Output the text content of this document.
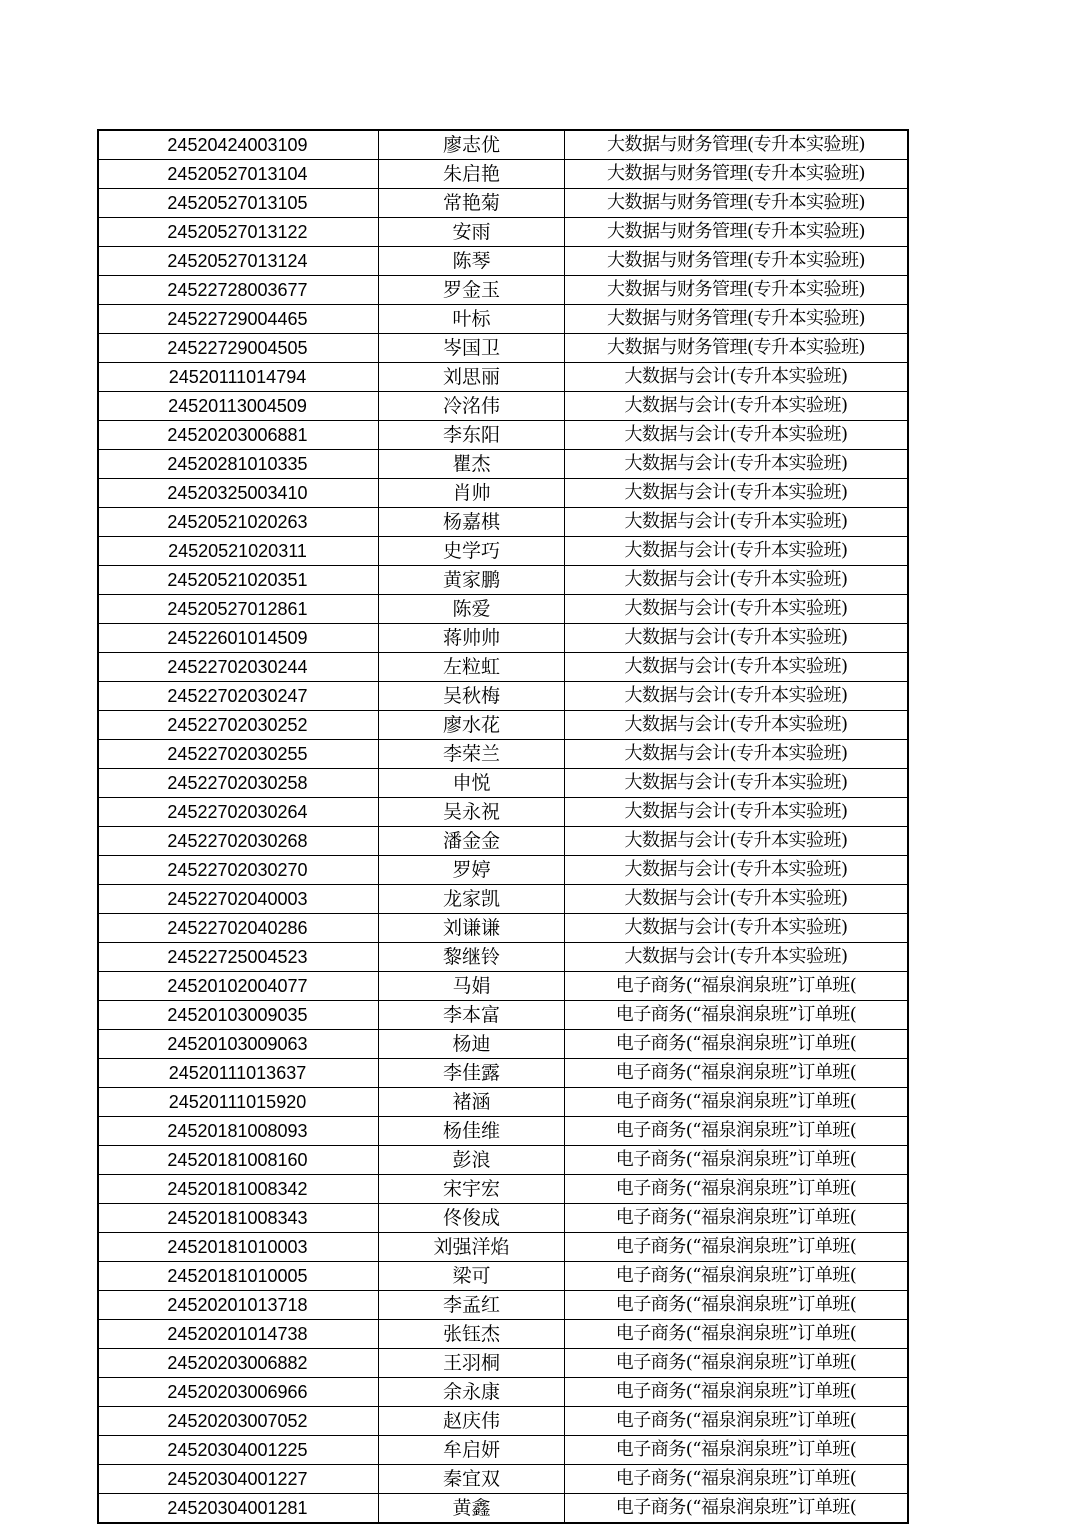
24520424003109	廖志优	大数据与财务管理(专升本实验班)
24520527013104	朱启艳	大数据与财务管理(专升本实验班)
24520527013105	常艳菊	大数据与财务管理(专升本实验班)
24520527013122	安雨	大数据与财务管理(专升本实验班)
24520527013124	陈琴	大数据与财务管理(专升本实验班)
24522728003677	罗金玉	大数据与财务管理(专升本实验班)
24522729004465	叶标	大数据与财务管理(专升本实验班)
24522729004505	岑国卫	大数据与财务管理(专升本实验班)
24520111014794	刘思丽	大数据与会计(专升本实验班)
24520113004509	冷洺伟	大数据与会计(专升本实验班)
24520203006881	李东阳	大数据与会计(专升本实验班)
24520281010335	瞿杰	大数据与会计(专升本实验班)
24520325003410	肖帅	大数据与会计(专升本实验班)
24520521020263	杨嘉棋	大数据与会计(专升本实验班)
24520521020311	史学巧	大数据与会计(专升本实验班)
24520521020351	黄家鹏	大数据与会计(专升本实验班)
24520527012861	陈爱	大数据与会计(专升本实验班)
24522601014509	蒋帅帅	大数据与会计(专升本实验班)
24522702030244	左粒虹	大数据与会计(专升本实验班)
24522702030247	吴秋梅	大数据与会计(专升本实验班)
24522702030252	廖水花	大数据与会计(专升本实验班)
24522702030255	李荣兰	大数据与会计(专升本实验班)
24522702030258	申悦	大数据与会计(专升本实验班)
24522702030264	吴永祝	大数据与会计(专升本实验班)
24522702030268	潘金金	大数据与会计(专升本实验班)
24522702030270	罗婷	大数据与会计(专升本实验班)
24522702040003	龙家凯	大数据与会计(专升本实验班)
24522702040286	刘谦谦	大数据与会计(专升本实验班)
24522725004523	黎继铃	大数据与会计(专升本实验班)
24520102004077	马娟	电子商务(“福泉润泉班”订单班(
24520103009035	李本富	电子商务(“福泉润泉班”订单班(
24520103009063	杨迪	电子商务(“福泉润泉班”订单班(
24520111013637	李佳露	电子商务(“福泉润泉班”订单班(
24520111015920	褚涵	电子商务(“福泉润泉班”订单班(
24520181008093	杨佳维	电子商务(“福泉润泉班”订单班(
24520181008160	彭浪	电子商务(“福泉润泉班”订单班(
24520181008342	宋宇宏	电子商务(“福泉润泉班”订单班(
24520181008343	佟俊成	电子商务(“福泉润泉班”订单班(
24520181010003	刘强洋焰	电子商务(“福泉润泉班”订单班(
24520181010005	梁可	电子商务(“福泉润泉班”订单班(
24520201013718	李孟红	电子商务(“福泉润泉班”订单班(
24520201014738	张钰杰	电子商务(“福泉润泉班”订单班(
24520203006882	王羽桐	电子商务(“福泉润泉班”订单班(
24520203006966	余永康	电子商务(“福泉润泉班”订单班(
24520203007052	赵庆伟	电子商务(“福泉润泉班”订单班(
24520304001225	牟启妍	电子商务(“福泉润泉班”订单班(
24520304001227	秦宜双	电子商务(“福泉润泉班”订单班(
24520304001281	黄鑫	电子商务(“福泉润泉班”订单班(
